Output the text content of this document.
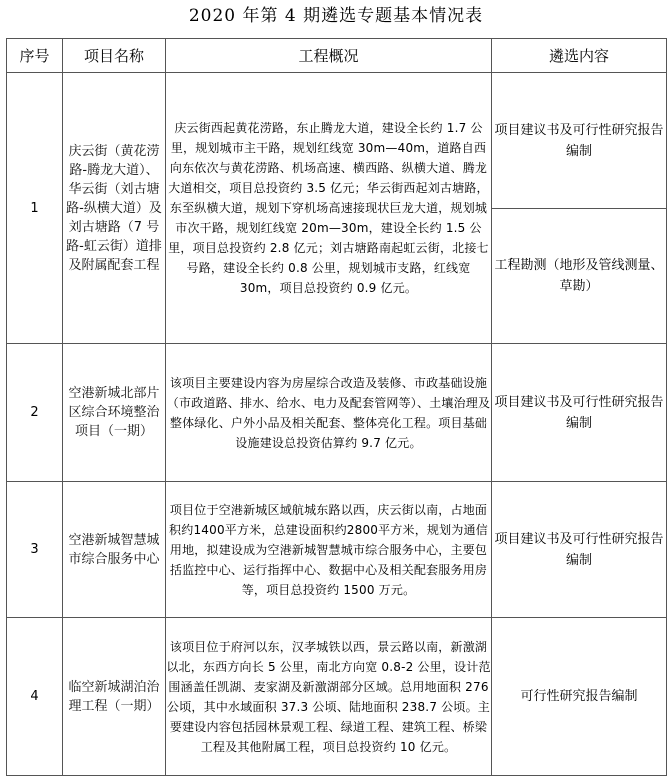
2020 年第 4 期遴选专题基本情况表
序号	项目名称	工程概况	遴选内容
1	庆云街（黄花涝路-腾龙大道）、华云街（刘古塘路-纵横大道）及刘古塘路（7 号路-虹云街）道排及附属配套工程	庆云街西起黄花涝路，东止腾龙大道，建设全长约 1.7 公里，规划城市主干路，规划红线宽 30m—40m，道路自西向东依次与黄花涝路、机场高速、横西路、纵横大道、腾龙大道相交，项目总投资约 3.5 亿元；华云街西起刘古塘路，东至纵横大道，规划下穿机场高速接现状巨龙大道，规划城市次干路，规划红线宽 20m—30m，建设全长约 1.5 公里，项目总投资约 2.8 亿元；刘古塘路南起虹云街，北接七号路，建设全长约 0.8 公里，规划城市支路，红线宽 30m，项目总投资约 0.9 亿元。	项目建议书及可行性研究报告编制
			工程勘测（地形及管线测量、草勘）
2	空港新城北部片区综合环境整治项目（一期）	该项目主要建设内容为房屋综合改造及装修、市政基础设施（市政道路、排水、给水、电力及配套管网等）、土壤治理及整体绿化、户外小品及相关配套、整体亮化工程。项目基础设施建设总投资估算约 9.7 亿元。	项目建议书及可行性研究报告编制
3	空港新城智慧城市综合服务中心	项目位于空港新城区域航城东路以西，庆云街以南，占地面积约1400平方米，总建设面积约2800平方米，规划为通信用地，拟建设成为空港新城智慧城市综合服务中心，主要包括监控中心、运行指挥中心、数据中心及相关配套服务用房等，项目总投资约 1500 万元。	项目建议书及可行性研究报告编制
4	临空新城湖泊治理工程（一期）	该项目位于府河以东，汉孝城铁以西，景云路以南，新激湖以北，东西方向长 5 公里，南北方向宽 0.8-2 公里，设计范围涵盖任凯湖、麦家湖及新激湖部分区域。总用地面积 276 公顷，其中水域面积 37.3 公顷、陆地面积 238.7 公顷。主要建设内容包括园林景观工程、绿道工程、建筑工程、桥梁工程及其他附属工程，项目总投资约 10 亿元。	可行性研究报告编制
